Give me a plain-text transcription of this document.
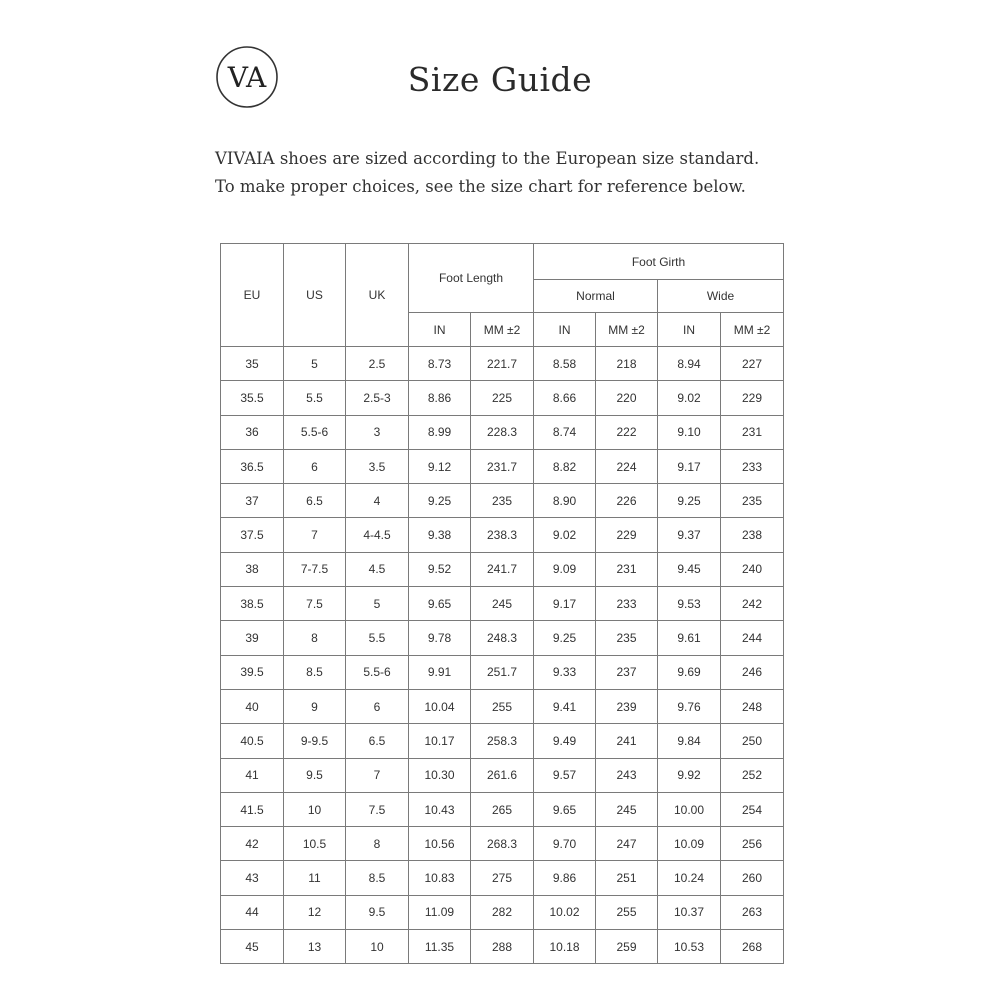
VA	Size Guide

VIVAIA shoes are sized according to the European size standard.

To make proper choices, see the size chart for reference below.

EU	US	UK	Foot Length		Foot Girth			
					Normal		Wide	
			IN	MM ±2	IN	MM ±2	IN	MM ±2
35	5	2.5	8.73	221.7	8.58	218	8.94	227
35.5	5.5	2.5-3	8.86	225	8.66	220	9.02	229
36	5.5-6	3	8.99	228.3	8.74	222	9.10	231
36.5	6	3.5	9.12	231.7	8.82	224	9.17	233
37	6.5	4	9.25	235	8.90	226	9.25	235
37.5	7	4-4.5	9.38	238.3	9.02	229	9.37	238
38	7-7.5	4.5	9.52	241.7	9.09	231	9.45	240
38.5	7.5	5	9.65	245	9.17	233	9.53	242
39	8	5.5	9.78	248.3	9.25	235	9.61	244
39.5	8.5	5.5-6	9.91	251.7	9.33	237	9.69	246
40	9	6	10.04	255	9.41	239	9.76	248
40.5	9-9.5	6.5	10.17	258.3	9.49	241	9.84	250
41	9.5	7	10.30	261.6	9.57	243	9.92	252
41.5	10	7.5	10.43	265	9.65	245	10.00	254
42	10.5	8	10.56	268.3	9.70	247	10.09	256
43	11	8.5	10.83	275	9.86	251	10.24	260
44	12	9.5	11.09	282	10.02	255	10.37	263
45	13	10	11.35	288	10.18	259	10.53	268
